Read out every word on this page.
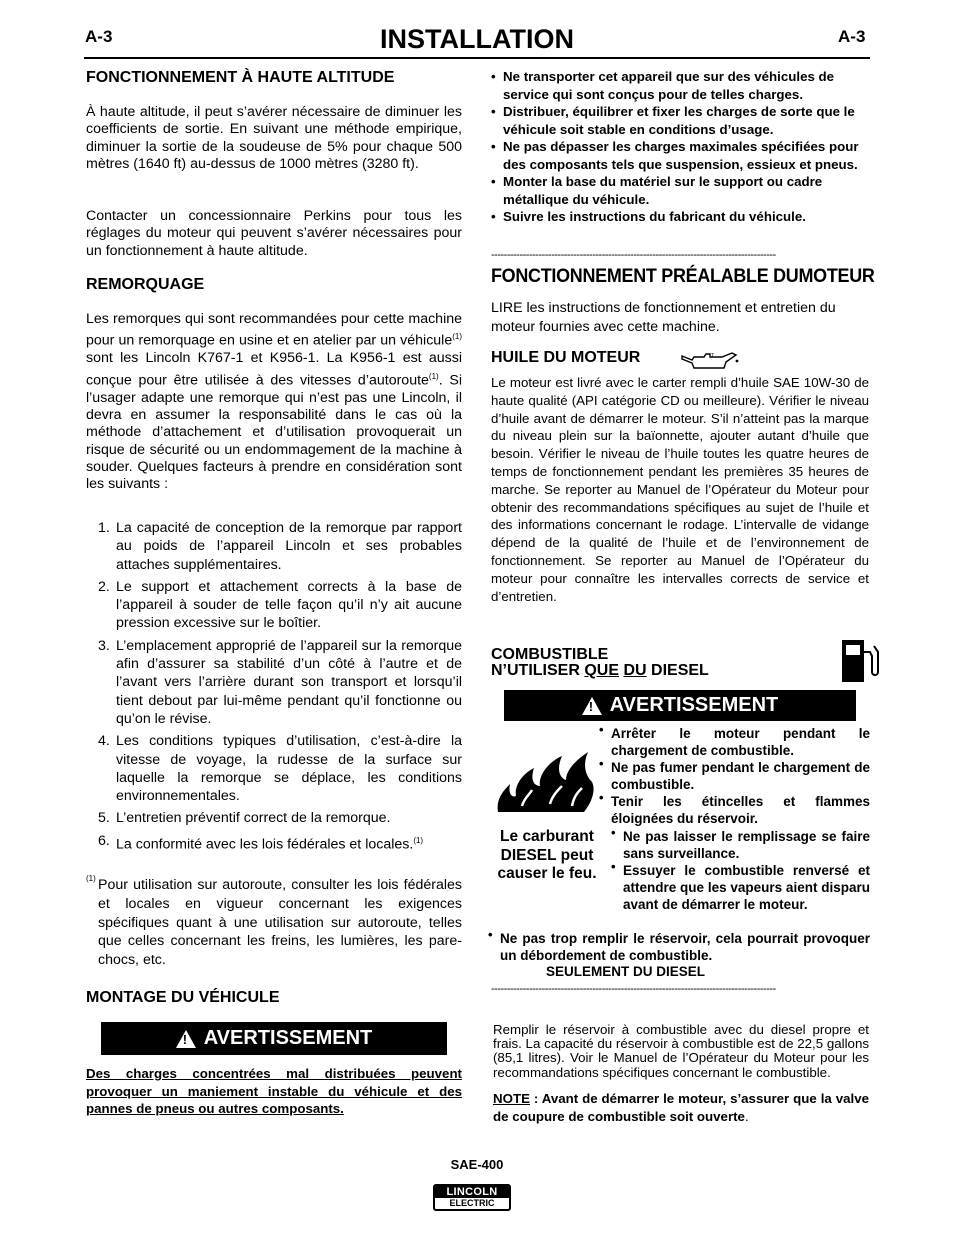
A-3	INSTALLATION	A-3
FONCTIONNEMENT À HAUTE ALTITUDE
À haute altitude, il peut s’avérer nécessaire de diminuer les coefficients de sortie. En suivant une méthode empirique, diminuer la sortie de la soudeuse de 5% pour chaque 500 mètres (1640 ft) au-dessus de 1000 mètres (3280 ft).
Contacter un concessionnaire Perkins pour tous les réglages du moteur qui peuvent s’avérer nécessaires pour un fonctionnement à haute altitude.
REMORQUAGE
Les remorques qui sont recommandées pour cette machine pour un remorquage en usine et en atelier par un véhicule$^{(1)}$ sont les Lincoln K767-1 et K956-1. La K956-1 est aussi conçue pour être utilisée à des vitesses d’autoroute$^{(1)}$. Si l’usager adapte une remorque qui n’est pas une Lincoln, il devra en assumer la responsabilité dans le cas où la méthode d’attachement et d’utilisation provoquerait un risque de sécurité ou un endommagement de la machine à souder. Quelques facteurs à prendre en considération sont les suivants :
1. La capacité de conception de la remorque par rapport au poids de l’appareil Lincoln et ses probables attaches supplémentaires.
2. Le support et attachement corrects à la base de l’appareil à souder de telle façon qu’il n’y ait aucune pression excessive sur le boîtier.
3. L’emplacement approprié de l’appareil sur la remorque afin d’assurer sa stabilité d’un côté à l’autre et de l’avant vers l’arrière durant son transport et lorsqu’il tient debout par lui-même pendant qu’il fonctionne ou qu’on le révise.
4. Les conditions typiques d’utilisation, c’est-à-dire la vitesse de voyage, la rudesse de la surface sur laquelle la remorque se déplace, les conditions environnementales.
5. L’entretien préventif correct de la remorque.
6. La conformité avec les lois fédérales et locales.$^{(1)}$
(1) Pour utilisation sur autoroute, consulter les lois fédérales et locales en vigueur concernant les exigences spécifiques quant à une utilisation sur autoroute, telles que celles concernant les freins, les lumières, les pare-chocs, etc.
MONTAGE DU VÉHICULE
! AVERTISSEMENT
Des charges concentrées mal distribuées peuvent provoquer un maniement instable du véhicule et des pannes de pneus ou autres composants.
• Ne transporter cet appareil que sur des véhicules de service qui sont conçus pour de telles charges.
• Distribuer, équilibrer et fixer les charges de sorte que le véhicule soit stable en conditions d’usage.
• Ne pas dépasser les charges maximales spécifiées pour des composants tels que suspension, essieux et pneus.
• Monter la base du matériel sur le support ou cadre métallique du véhicule.
• Suivre les instructions du fabricant du véhicule.
------------------------------------------------------------------------------------------
FONCTIONNEMENT PRÉALABLE DUMOTEUR
LIRE les instructions de fonctionnement et entretien du moteur fournies avec cette machine.
HUILE DU MOTEUR	T
Le moteur est livré avec le carter rempli d’huile SAE 10W-30 de haute qualité (API catégorie CD ou meilleure). Vérifier le niveau d’huile avant de démarrer le moteur. S’il n’atteint pas la marque du niveau plein sur la baïonnette, ajouter autant d’huile que besoin. Vérifier le niveau de l’huile toutes les quatre heures de temps de fonctionnement pendant les premières 35 heures de marche. Se reporter au Manuel de l’Opérateur du Moteur pour obtenir des recommandations spécifiques au sujet de l’huile et des informations concernant le rodage. L’intervalle de vidange dépend de la qualité de l’huile et de l’environnement de fonctionnement. Se reporter au Manuel de l’Opérateur du moteur pour connaître les intervalles corrects de service et d’entretien.
COMBUSTIBLE
N’UTILISER QUE DU DIESEL
! AVERTISSEMENT
Le carburant DIESEL peut causer le feu.
• Arrêter le moteur pendant le chargement de combustible.
• Ne pas fumer pendant le chargement de combustible.
• Tenir les étincelles et flammes éloignées du réservoir.
• Ne pas laisser le remplissage se faire sans surveillance.
• Essuyer le combustible renversé et attendre que les vapeurs aient disparu avant de démarrer le moteur.
• Ne pas trop remplir le réservoir, cela pourrait provoquer un débordement de combustible.
SEULEMENT DU DIESEL
------------------------------------------------------------------------------------------
Remplir le réservoir à combustible avec du diesel propre et frais. La capacité du réservoir à combustible est de 22,5 gallons (85,1 litres). Voir le Manuel de l’Opérateur du Moteur pour les recommandations spécifiques concernant le combustible.
NOTE : Avant de démarrer le moteur, s’assurer que la valve de coupure de combustible soit ouverte.
SAE-400
LINCOLN
ELECTRIC
